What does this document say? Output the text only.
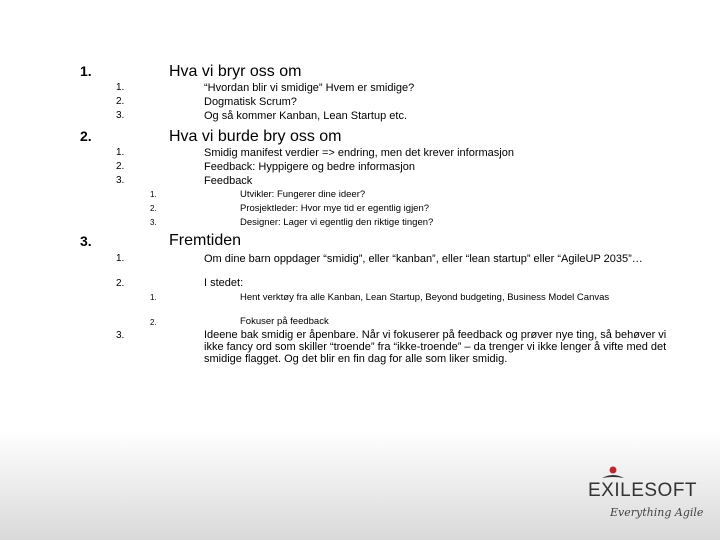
1.	Hva vi bryr oss om
1.	“Hvordan blir vi smidige” Hvem er smidige?
2.	Dogmatisk Scrum?
3.	Og så kommer Kanban, Lean Startup etc.
2.	Hva vi burde bry oss om
1.	Smidig manifest verdier => endring, men det krever informasjon
2.	Feedback: Hyppigere og bedre informasjon
3.	Feedback
1.	Utvikler: Fungerer dine ideer?
2.	Prosjektleder: Hvor mye tid er egentlig igjen?
3.	Designer: Lager vi egentlig den riktige tingen?
3.	Fremtiden
1.	Om dine barn oppdager “smidig”, eller “kanban”, eller “lean startup” eller “AgileUP 2035”…
2.	I stedet:
1.	Hent verktøy fra alle Kanban, Lean Startup, Beyond budgeting, Business Model Canvas
2.	Fokuser på feedback
3.	Ideene bak smidig er åpenbare. Når vi fokuserer på feedback og prøver nye ting, så behøver vi ikke fancy ord som skiller “troende” fra “ikke-troende” – da trenger vi ikke lenger å vifte med det smidige flagget. Og det blir en fin dag for alle som liker smidig.
EXILESOFT
Everything Agile
